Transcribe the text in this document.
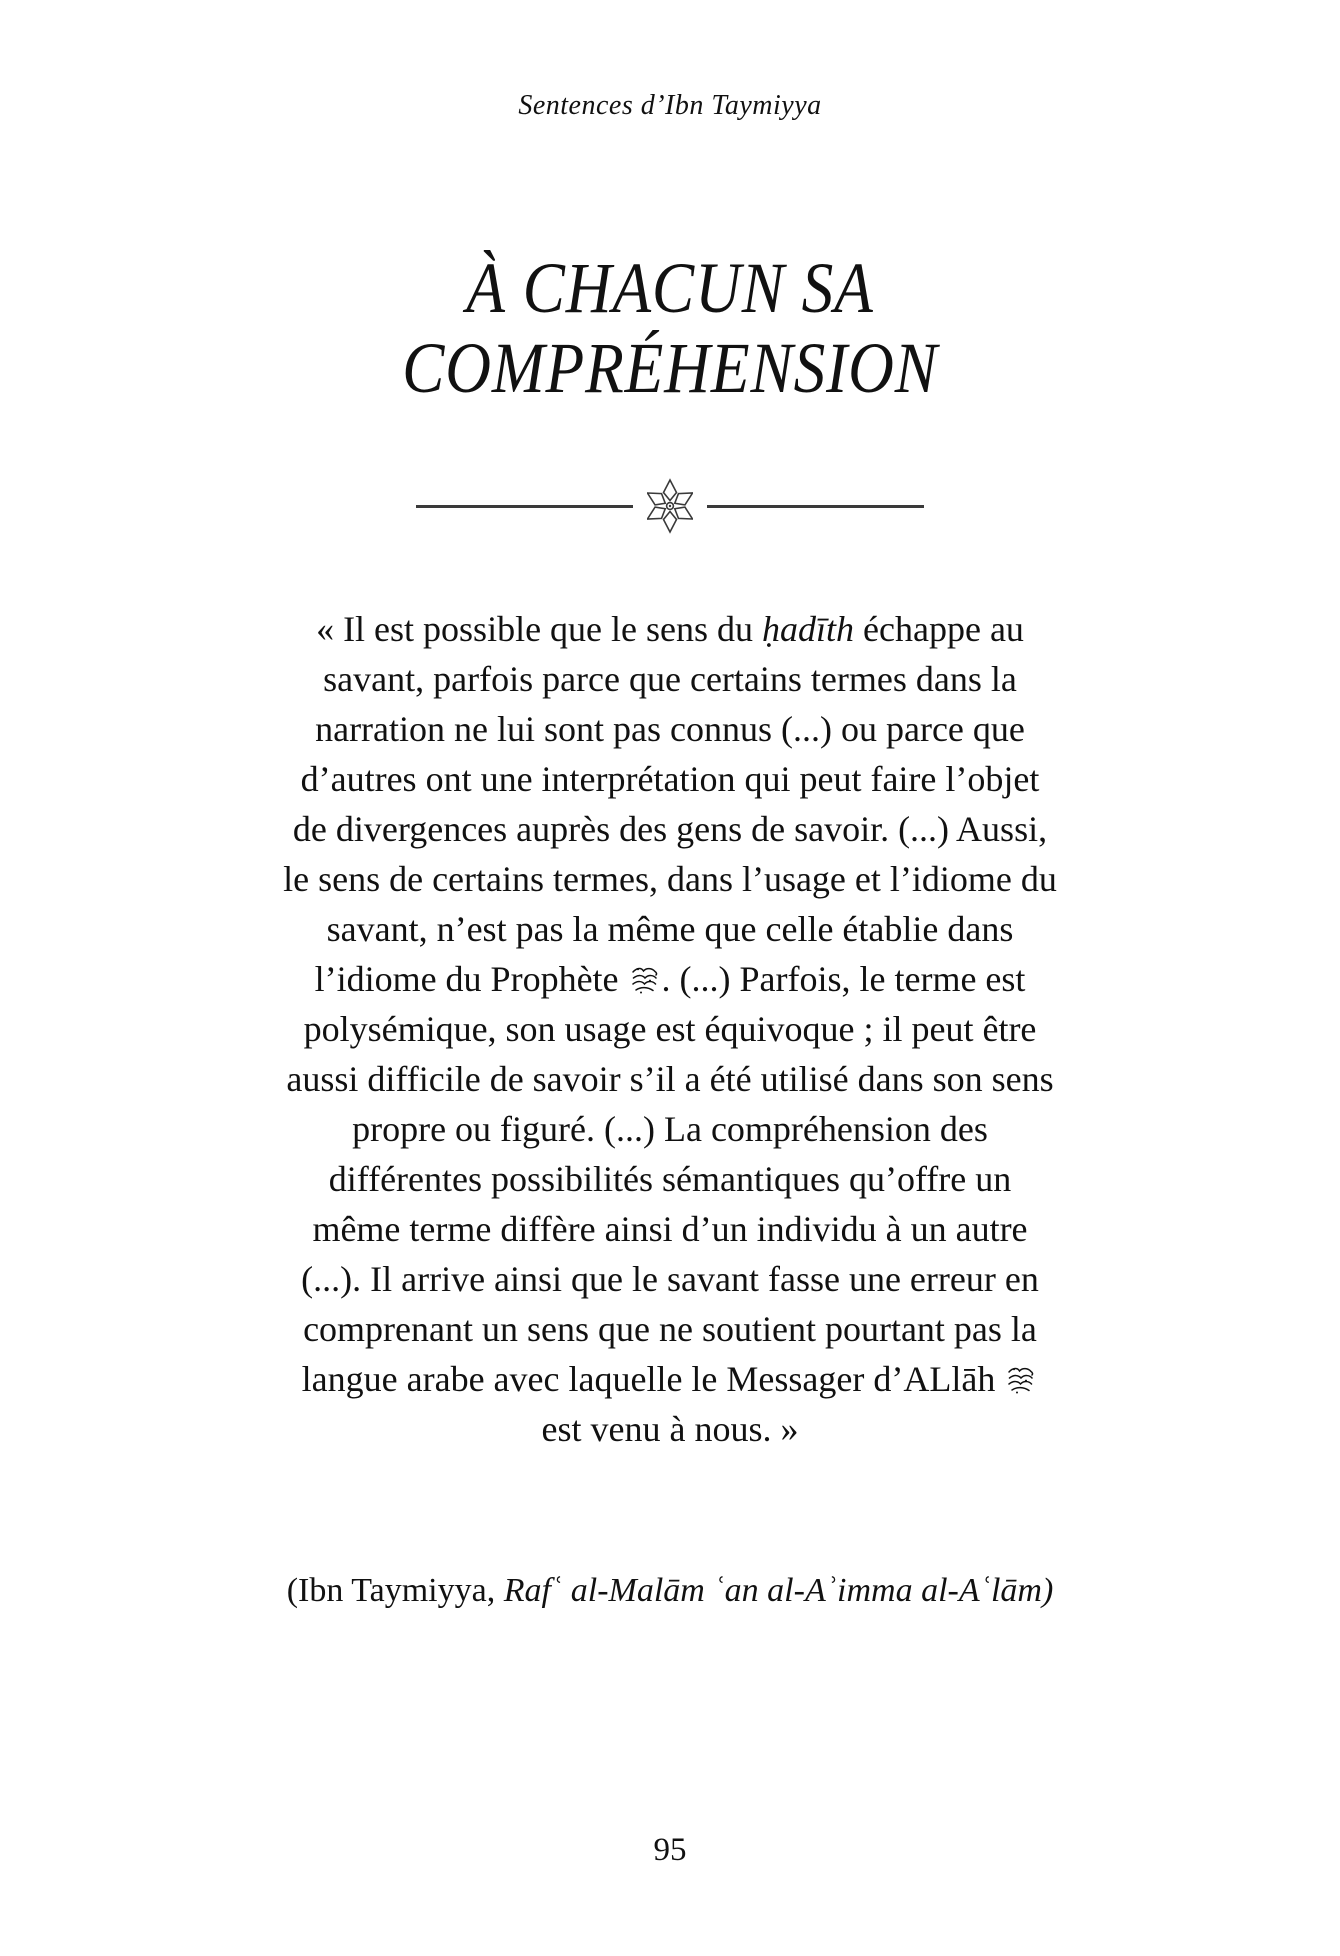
Sentences d’Ibn Taymiyya
À CHACUN SA
COMPRÉHENSION
« Il est possible que le sens du ḥadīth échappe au
savant, parfois parce que certains termes dans la
narration ne lui sont pas connus (...) ou parce que
d’autres ont une interprétation qui peut faire l’objet
de divergences auprès des gens de savoir. (...) Aussi,
le sens de certains termes, dans l’usage et l’idiome du
savant, n’est pas la même que celle établie dans
l’idiome du Prophète . (...) Parfois, le terme est
polysémique, son usage est équivoque ; il peut être
aussi difficile de savoir s’il a été utilisé dans son sens
propre ou figuré. (...) La compréhension des
différentes possibilités sémantiques qu’offre un
même terme diffère ainsi d’un individu à un autre
(...). Il arrive ainsi que le savant fasse une erreur en
comprenant un sens que ne soutient pourtant pas la
langue arabe avec laquelle le Messager d’ALlāh
est venu à nous. »
(Ibn Taymiyya, Rafʿ al-Malām ʿan al-Aʾimma al-Aʿlām)
95
